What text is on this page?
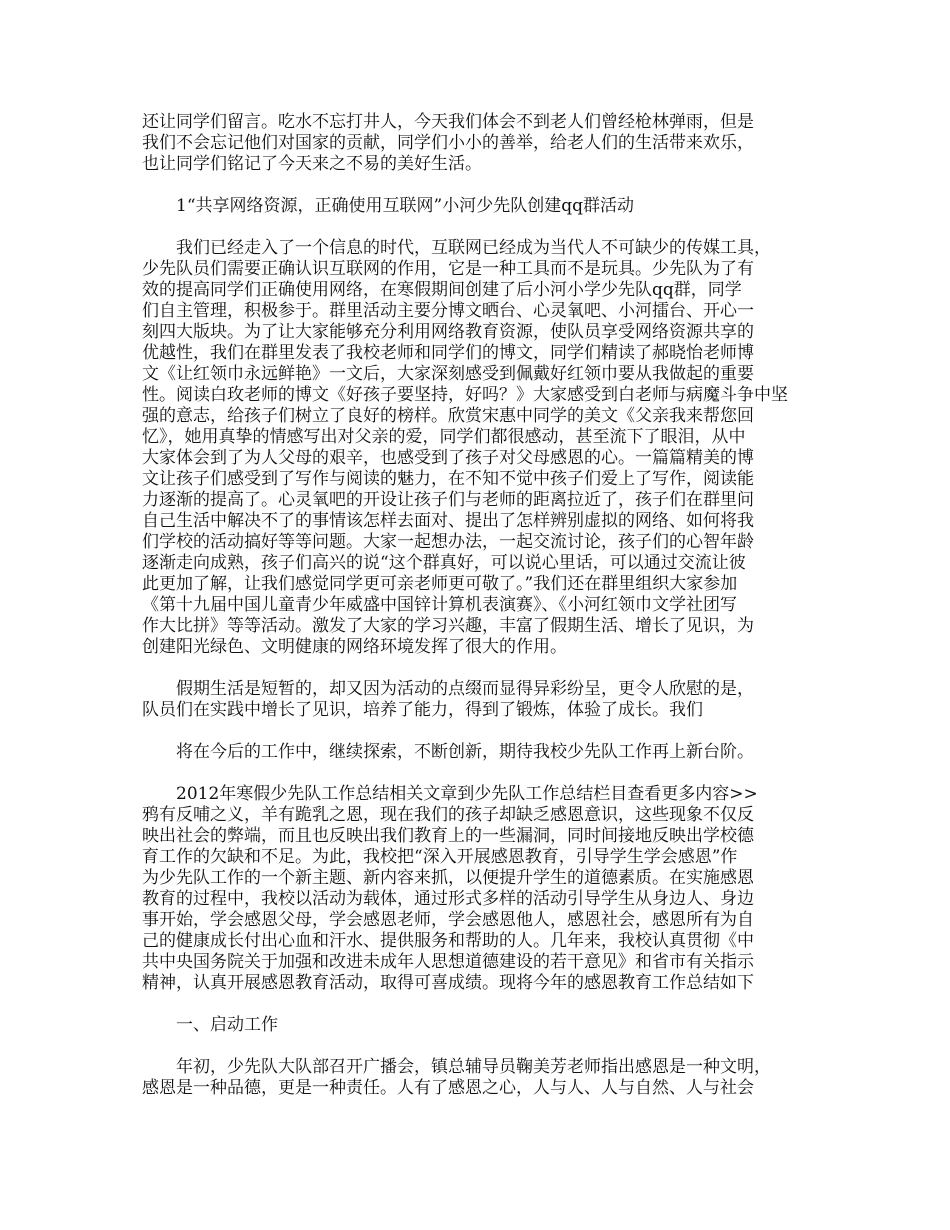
还让同学们留言。吃水不忘打井人，今天我们体会不到老人们曾经枪林弹雨，但是
我们不会忘记他们对国家的贡献，同学们小小的善举，给老人们的生活带来欢乐，
也让同学们铭记了今天来之不易的美好生活。
1“共享网络资源，正确使用互联网”小河少先队创建qq群活动
我们已经走入了一个信息的时代，互联网已经成为当代人不可缺少的传媒工具，
少先队员们需要正确认识互联网的作用，它是一种工具而不是玩具。少先队为了有
效的提高同学们正确使用网络，在寒假期间创建了后小河小学少先队qq群，同学
们自主管理，积极参于。群里活动主要分博文晒台、心灵氧吧、小河擂台、开心一
刻四大版块。为了让大家能够充分利用网络教育资源，使队员享受网络资源共享的
优越性，我们在群里发表了我校老师和同学们的博文，同学们精读了郝晓怡老师博
文《让红领巾永远鲜艳》一文后，大家深刻感受到佩戴好红领巾要从我做起的重要
性。阅读白玫老师的博文《好孩子要坚持，好吗？》大家感受到白老师与病魔斗争中坚
强的意志，给孩子们树立了良好的榜样。欣赏宋惠中同学的美文《父亲我来帮您回
忆》，她用真挚的情感写出对父亲的爱，同学们都很感动，甚至流下了眼泪，从中
大家体会到了为人父母的艰辛，也感受到了孩子对父母感恩的心。一篇篇精美的博
文让孩子们感受到了写作与阅读的魅力，在不知不觉中孩子们爱上了写作，阅读能
力逐渐的提高了。心灵氧吧的开设让孩子们与老师的距离拉近了，孩子们在群里问
自己生活中解决不了的事情该怎样去面对、提出了怎样辨别虚拟的网络、如何将我
们学校的活动搞好等等问题。大家一起想办法，一起交流讨论，孩子们的心智年龄
逐渐走向成熟，孩子们高兴的说“这个群真好，可以说心里话，可以通过交流让彼
此更加了解，让我们感觉同学更可亲老师更可敬了。”我们还在群里组织大家参加
《第十九届中国儿童青少年威盛中国锌计算机表演赛》、《小河红领巾文学社团写
作大比拼》等等活动。激发了大家的学习兴趣，丰富了假期生活、增长了见识，为
创建阳光绿色、文明健康的网络环境发挥了很大的作用。
假期生活是短暂的，却又因为活动的点缀而显得异彩纷呈，更令人欣慰的是，
队员们在实践中增长了见识，培养了能力，得到了锻炼，体验了成长。我们
将在今后的工作中，继续探索，不断创新，期待我校少先队工作再上新台阶。
2012年寒假少先队工作总结相关文章到少先队工作总结栏目查看更多内容>>
鸦有反哺之义，羊有跪乳之恩，现在我们的孩子却缺乏感恩意识，这些现象不仅反
映出社会的弊端，而且也反映出我们教育上的一些漏洞，同时间接地反映出学校德
育工作的欠缺和不足。为此，我校把“深入开展感恩教育，引导学生学会感恩”作
为少先队工作的一个新主题、新内容来抓，以便提升学生的道德素质。在实施感恩
教育的过程中，我校以活动为载体，通过形式多样的活动引导学生从身边人、身边
事开始，学会感恩父母，学会感恩老师，学会感恩他人，感恩社会，感恩所有为自
己的健康成长付出心血和汗水、提供服务和帮助的人。几年来，我校认真贯彻《中
共中央国务院关于加强和改进未成年人思想道德建设的若干意见》和省市有关指示
精神，认真开展感恩教育活动，取得可喜成绩。现将今年的感恩教育工作总结如下
一、启动工作
年初，少先队大队部召开广播会，镇总辅导员鞠美芳老师指出感恩是一种文明，
感恩是一种品德，更是一种责任。人有了感恩之心，人与人、人与自然、人与社会
